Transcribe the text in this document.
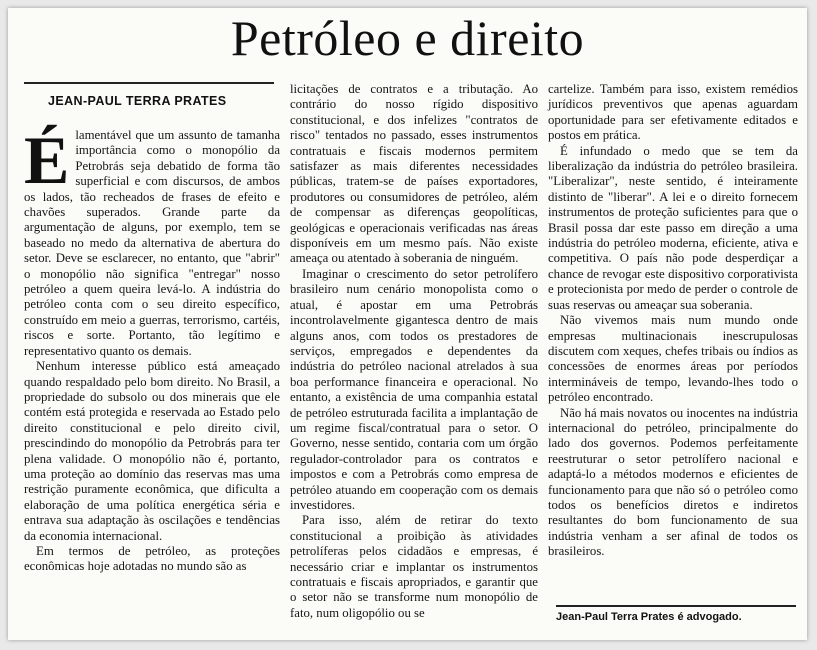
Petróleo e direito
JEAN-PAUL TERRA PRATES
É lamentável que um assunto de tamanha importância como o monopólio da Petrobrás seja debatido de forma tão superficial e com discursos, de ambos os lados, tão recheados de frases de efeito e chavões superados. Grande parte da argumentação de alguns, por exemplo, tem se baseado no medo da alternativa de abertura do setor. Deve se esclarecer, no entanto, que "abrir" o monopólio não significa "entregar" nosso petróleo a quem queira levá-lo. A indústria do petróleo conta com o seu direito específico, construído em meio a guerras, terrorismo, cartéis, riscos e sorte. Portanto, tão legítimo e representativo quanto os demais.

Nenhum interesse público está ameaçado quando respaldado pelo bom direito. No Brasil, a propriedade do subsolo ou dos minerais que ele contém está protegida e reservada ao Estado pelo direito constitucional e pelo direito civil, prescindindo do monopólio da Petrobrás para ter plena validade. O monopólio não é, portanto, uma proteção ao domínio das reservas mas uma restrição puramente econômica, que dificulta a elaboração de uma política energética séria e entrava sua adaptação às oscilações e tendências da economia internacional.

Em termos de petróleo, as proteções econômicas hoje adotadas no mundo são as

licitações de contratos e a tributação. Ao contrário do nosso rígido dispositivo constitucional, e dos infelizes "contratos de risco" tentados no passado, esses instrumentos contratuais e fiscais modernos permitem satisfazer as mais diferentes necessidades públicas, tratem-se de países exportadores, produtores ou consumidores de petróleo, além de compensar as diferenças geopolíticas, geológicas e operacionais verificadas nas áreas disponíveis em um mesmo país. Não existe ameaça ou atentado à soberania de ninguém.

Imaginar o crescimento do setor petrolífero brasileiro num cenário monopolista como o atual, é apostar em uma Petrobrás incontrolavelmente gigantesca dentro de mais alguns anos, com todos os prestadores de serviços, empregados e dependentes da indústria do petróleo nacional atrelados à sua boa performance financeira e operacional. No entanto, a existência de uma companhia estatal de petróleo estruturada facilita a implantação de um regime fiscal/contratual para o setor. O Governo, nesse sentido, contaria com um órgão regulador-controlador para os contratos e impostos e com a Petrobrás como empresa de petróleo atuando em cooperação com os demais investidores.

Para isso, além de retirar do texto constitucional a proibição às atividades petrolíferas pelos cidadãos e empresas, é necessário criar e implantar os instrumentos contratuais e fiscais apropriados, e garantir que o setor não se transforme num monopólio de fato, num oligopólio ou se

cartelize. Também para isso, existem remédios jurídicos preventivos que apenas aguardam oportunidade para ser efetivamente editados e postos em prática.

É infundado o medo que se tem da liberalização da indústria do petróleo brasileira. "Liberalizar", neste sentido, é inteiramente distinto de "liberar". A lei e o direito fornecem instrumentos de proteção suficientes para que o Brasil possa dar este passo em direção a uma indústria do petróleo moderna, eficiente, ativa e competitiva. O país não pode desperdiçar a chance de revogar este dispositivo corporativista e protecionista por medo de perder o controle de suas reservas ou ameaçar sua soberania.

Não vivemos mais num mundo onde empresas multinacionais inescrupulosas discutem com xeques, chefes tribais ou índios as concessões de enormes áreas por períodos intermináveis de tempo, levando-lhes todo o petróleo encontrado.

Não há mais novatos ou inocentes na indústria internacional do petróleo, principalmente do lado dos governos. Podemos perfeitamente reestruturar o setor petrolífero nacional e adaptá-lo a métodos modernos e eficientes de funcionamento para que não só o petróleo como todos os benefícios diretos e indiretos resultantes do bom funcionamento de sua indústria venham a ser afinal de todos os brasileiros.

Jean-Paul Terra Prates é advogado.
